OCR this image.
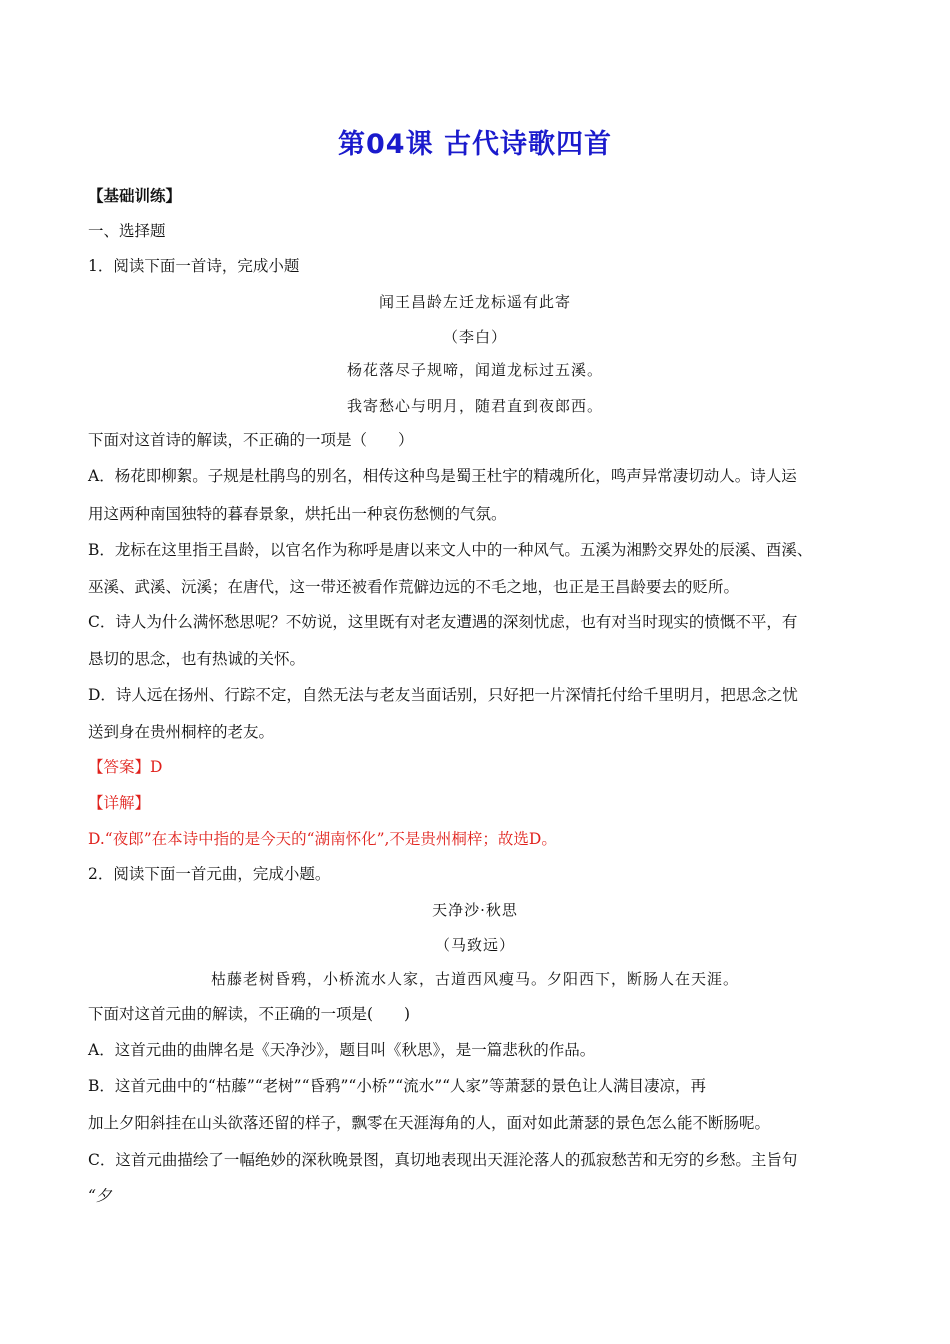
第04课 古代诗歌四首
【基础训练】
一、选择题
1．阅读下面一首诗，完成小题
闻王昌龄左迁龙标遥有此寄
（李白）
杨花落尽子规啼，闻道龙标过五溪。
我寄愁心与明月，随君直到夜郎西。
下面对这首诗的解读，不正确的一项是（　　）
A．杨花即柳絮。子规是杜鹃鸟的别名，相传这种鸟是蜀王杜宇的精魂所化，鸣声异常凄切动人。诗人运
用这两种南国独特的暮春景象，烘托出一种哀伤愁恻的气氛。
B．龙标在这里指王昌龄，以官名作为称呼是唐以来文人中的一种风气。五溪为湘黔交界处的辰溪、酉溪、
巫溪、武溪、沅溪；在唐代，这一带还被看作荒僻边远的不毛之地，也正是王昌龄要去的贬所。
C．诗人为什么满怀愁思呢？不妨说，这里既有对老友遭遇的深刻忧虑，也有对当时现实的愤慨不平，有
恳切的思念，也有热诚的关怀。
D．诗人远在扬州、行踪不定，自然无法与老友当面话别，只好把一片深情托付给千里明月，把思念之忧
送到身在贵州桐梓的老友。
【答案】D
【详解】
D.“夜郎”在本诗中指的是今天的“湖南怀化”,不是贵州桐梓；故选D。
2．阅读下面一首元曲，完成小题。
天净沙·秋思
（马致远）
枯藤老树昏鸦，小桥流水人家，古道西风瘦马。夕阳西下，断肠人在天涯。
下面对这首元曲的解读，不正确的一项是(　　)
A．这首元曲的曲牌名是《天净沙》，题目叫《秋思》，是一篇悲秋的作品。
B．这首元曲中的“枯藤”“老树”“昏鸦”“小桥”“流水”“人家”等萧瑟的景色让人满目凄凉，再
加上夕阳斜挂在山头欲落还留的样子，飘零在天涯海角的人，面对如此萧瑟的景色怎么能不断肠呢。
C．这首元曲描绘了一幅绝妙的深秋晚景图，真切地表现出天涯沦落人的孤寂愁苦和无穷的乡愁。主旨句
“夕
